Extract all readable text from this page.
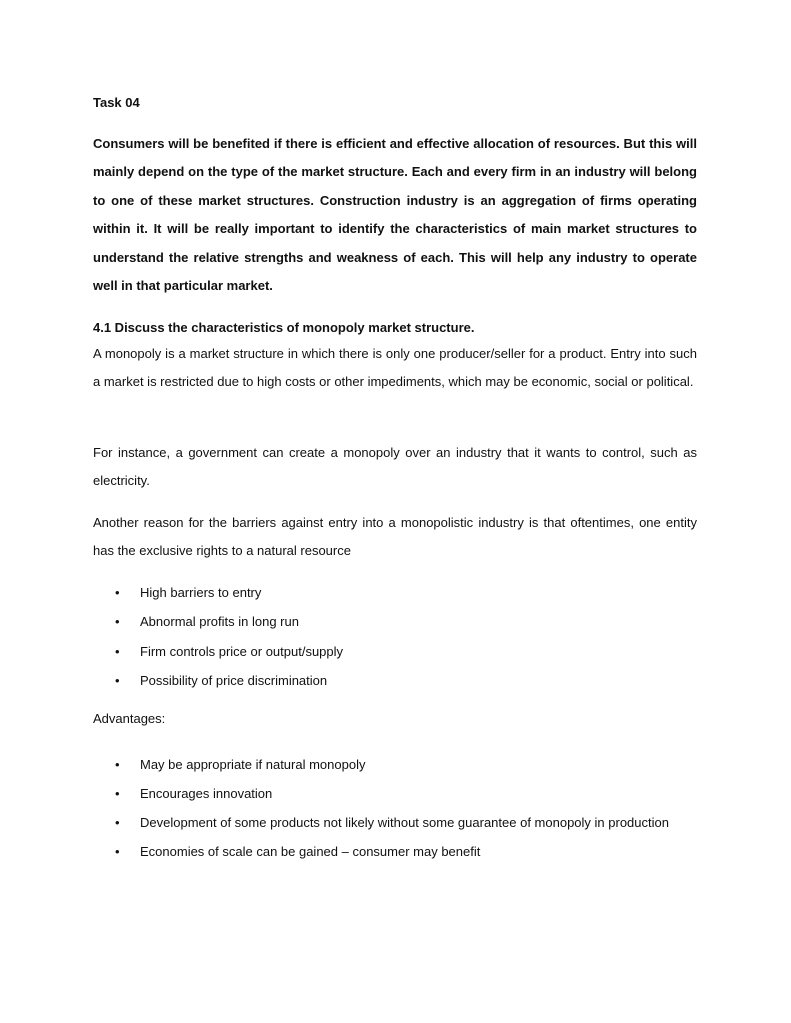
Task 04

Consumers will be benefited if there is efficient and effective allocation of resources. But this will mainly depend on the type of the market structure. Each and every firm in an industry will belong to one of these market structures. Construction industry is an aggregation of firms operating within it. It will be really important to identify the characteristics of main market structures to understand the relative strengths and weakness of each. This will help any industry to operate well in that particular market.

4.1 Discuss the characteristics of monopoly market structure.

A monopoly is a market structure in which there is only one producer/seller for a product. Entry into such a market is restricted due to high costs or other impediments, which may be economic, social or political.

For instance, a government can create a monopoly over an industry that it wants to control, such as electricity.

Another reason for the barriers against entry into a monopolistic industry is that oftentimes, one entity has the exclusive rights to a natural resource

•	High barriers to entry
•	Abnormal profits in long run
•	Firm controls price or output/supply
•	Possibility of price discrimination
Advantages:
•	May be appropriate if natural monopoly
•	Encourages innovation
•	Development of some products not likely without some guarantee of monopoly in production
•	Economies of scale can be gained – consumer may benefit
